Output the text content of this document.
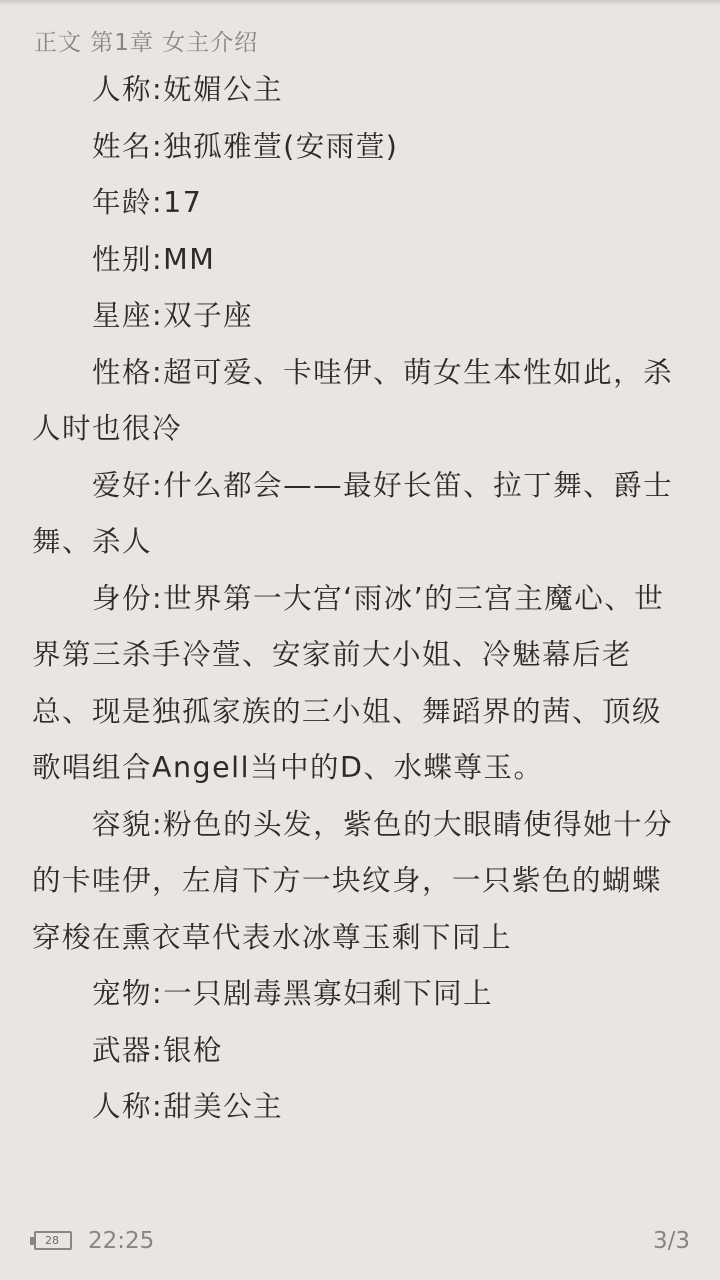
正文 第1章 女主介绍

人称:妩媚公主

姓名:独孤雅萱(安雨萱)

年龄:17

性别:MM

星座:双子座

性格:超可爱、卡哇伊、萌女生本性如此，杀人时也很冷

爱好:什么都会——最好长笛、拉丁舞、爵士舞、杀人

身份:世界第一大宫‘雨冰’的三宫主魔心、世界第三杀手冷萱、安家前大小姐、冷魅幕后老总、现是独孤家族的三小姐、舞蹈界的茜、顶级歌唱组合Angell当中的D、水蝶尊玉。

容貌:粉色的头发，紫色的大眼睛使得她十分的卡哇伊，左肩下方一块纹身，一只紫色的蝴蝶穿梭在熏衣草代表水冰尊玉剩下同上

宠物:一只剧毒黑寡妇剩下同上

武器:银枪

人称:甜美公主

28	22:25	3/3
